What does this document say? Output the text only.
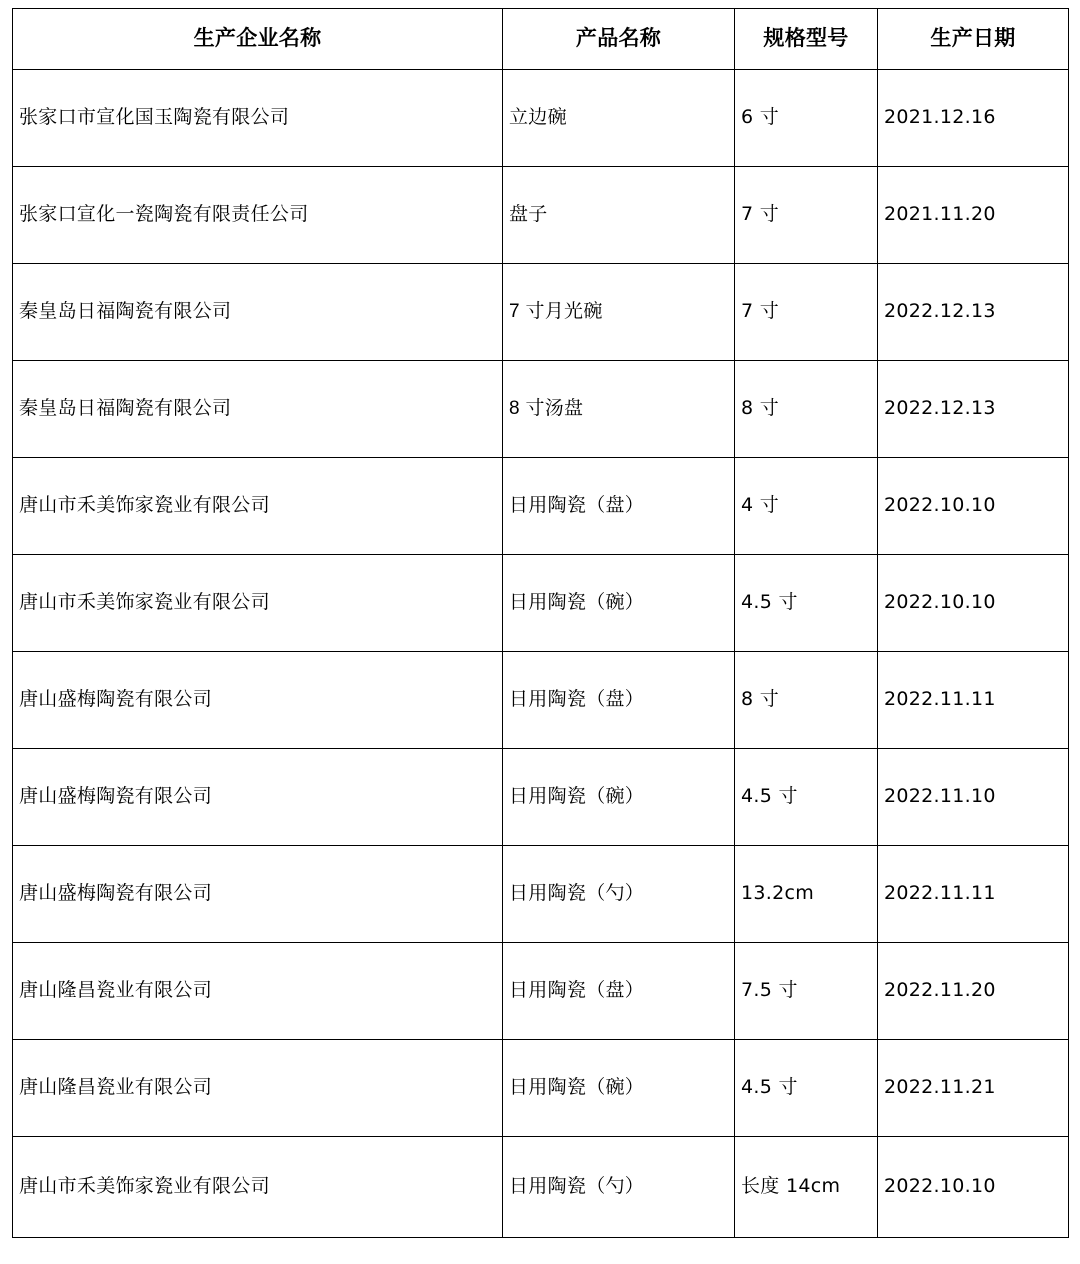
生产企业名称	产品名称	规格型号	生产日期
张家口市宣化国玉陶瓷有限公司	立边碗	6 寸	2021.12.16
张家口宣化一瓷陶瓷有限责任公司	盘子	7 寸	2021.11.20
秦皇岛日福陶瓷有限公司	7 寸月光碗	7 寸	2022.12.13
秦皇岛日福陶瓷有限公司	8 寸汤盘	8 寸	2022.12.13
唐山市禾美饰家瓷业有限公司	日用陶瓷（盘）	4 寸	2022.10.10
唐山市禾美饰家瓷业有限公司	日用陶瓷（碗）	4.5 寸	2022.10.10
唐山盛梅陶瓷有限公司	日用陶瓷（盘）	8 寸	2022.11.11
唐山盛梅陶瓷有限公司	日用陶瓷（碗）	4.5 寸	2022.11.10
唐山盛梅陶瓷有限公司	日用陶瓷（勺）	13.2cm	2022.11.11
唐山隆昌瓷业有限公司	日用陶瓷（盘）	7.5 寸	2022.11.20
唐山隆昌瓷业有限公司	日用陶瓷（碗）	4.5 寸	2022.11.21
唐山市禾美饰家瓷业有限公司	日用陶瓷（勺）	长度 14cm	2022.10.10
